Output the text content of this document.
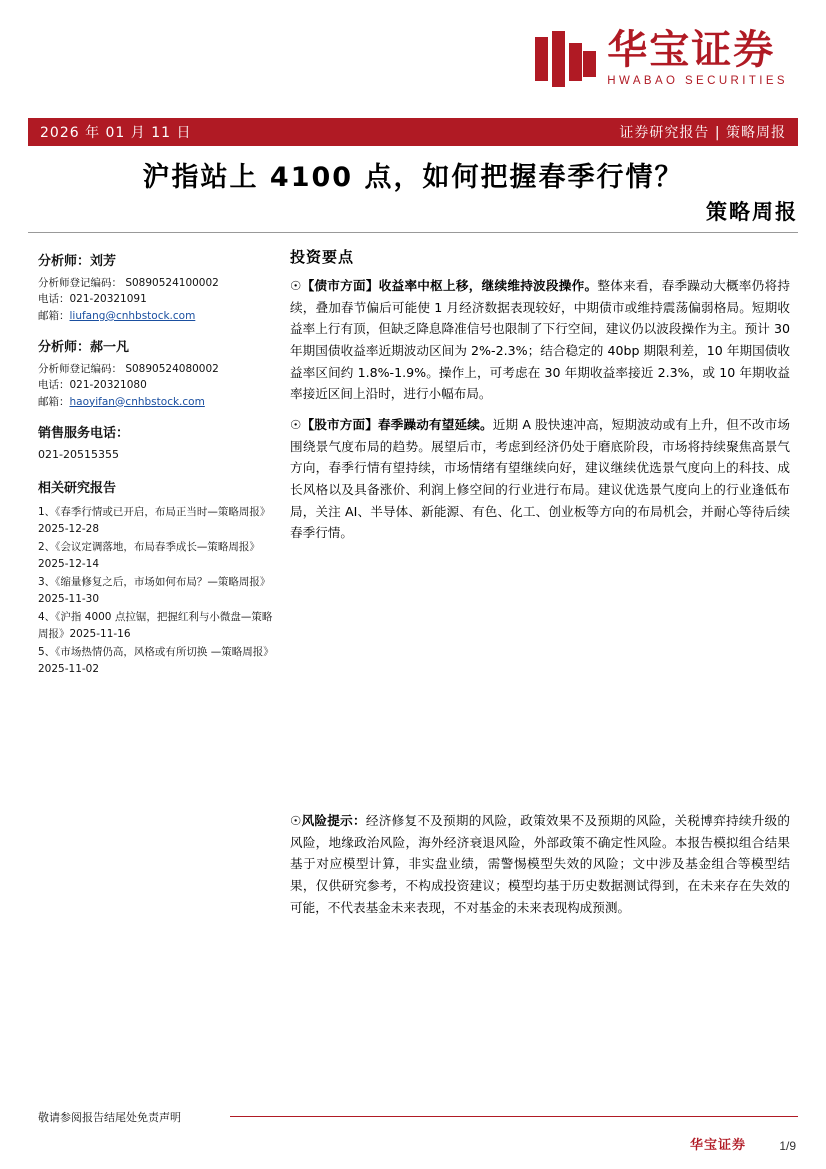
华宝证券
HWABAO SECURITIES
2026 年 01 月 11 日	证券研究报告 | 策略周报
沪指站上 4100 点，如何把握春季行情？
策略周报
分析师：刘芳
分析师登记编码： S0890524100002
电话：021-20321091
邮箱：liufang@cnhbstock.com
分析师：郝一凡
分析师登记编码： S0890524080002
电话：021-20321080
邮箱：haoyifan@cnhbstock.com
销售服务电话：
021-20515355
相关研究报告
1、《春季行情或已开启，布局正当时—策略周报》2025-12-28
2、《会议定调落地，布局春季成长—策略周报》2025-12-14
3、《缩量修复之后，市场如何布局？—策略周报》2025-11-30
4、《沪指 4000 点拉锯，把握红利与小微盘—策略周报》2025-11-16
5、《市场热情仍高，风格或有所切换 —策略周报》2025-11-02
投资要点
☉【债市方面】收益率中枢上移，继续维持波段操作。整体来看，春季躁动大概率仍将持续，叠加春节偏后可能使 1 月经济数据表现较好，中期债市或维持震荡偏弱格局。短期收益率上行有顶，但缺乏降息降准信号也限制了下行空间，建议仍以波段操作为主。预计 30 年期国债收益率近期波动区间为 2%-2.3%；结合稳定的 40bp 期限利差，10 年期国债收益率区间约 1.8%-1.9%。操作上，可考虑在 30 年期收益率接近 2.3%，或 10 年期收益率接近区间上沿时，进行小幅布局。
☉【股市方面】春季躁动有望延续。近期 A 股快速冲高，短期波动或有上升，但不改市场围绕景气度布局的趋势。展望后市，考虑到经济仍处于磨底阶段，市场将持续聚焦高景气方向，春季行情有望持续，市场情绪有望继续向好，建议继续优选景气度向上的科技、成长风格以及具备涨价、利润上修空间的行业进行布局。建议优选景气度向上的行业逢低布局，关注 AI、半导体、新能源、有色、化工、创业板等方向的布局机会，并耐心等待后续春季行情。
☉风险提示：经济修复不及预期的风险，政策效果不及预期的风险，关税博弈持续升级的风险，地缘政治风险，海外经济衰退风险，外部政策不确定性风险。本报告模拟组合结果基于对应模型计算，非实盘业绩，需警惕模型失效的风险；文中涉及基金组合等模型结果，仅供研究参考，不构成投资建议；模型均基于历史数据测试得到，在未来存在失效的可能，不代表基金未来表现，不对基金的未来表现构成预测。
敬请参阅报告结尾处免责声明
华宝证券	1/9
